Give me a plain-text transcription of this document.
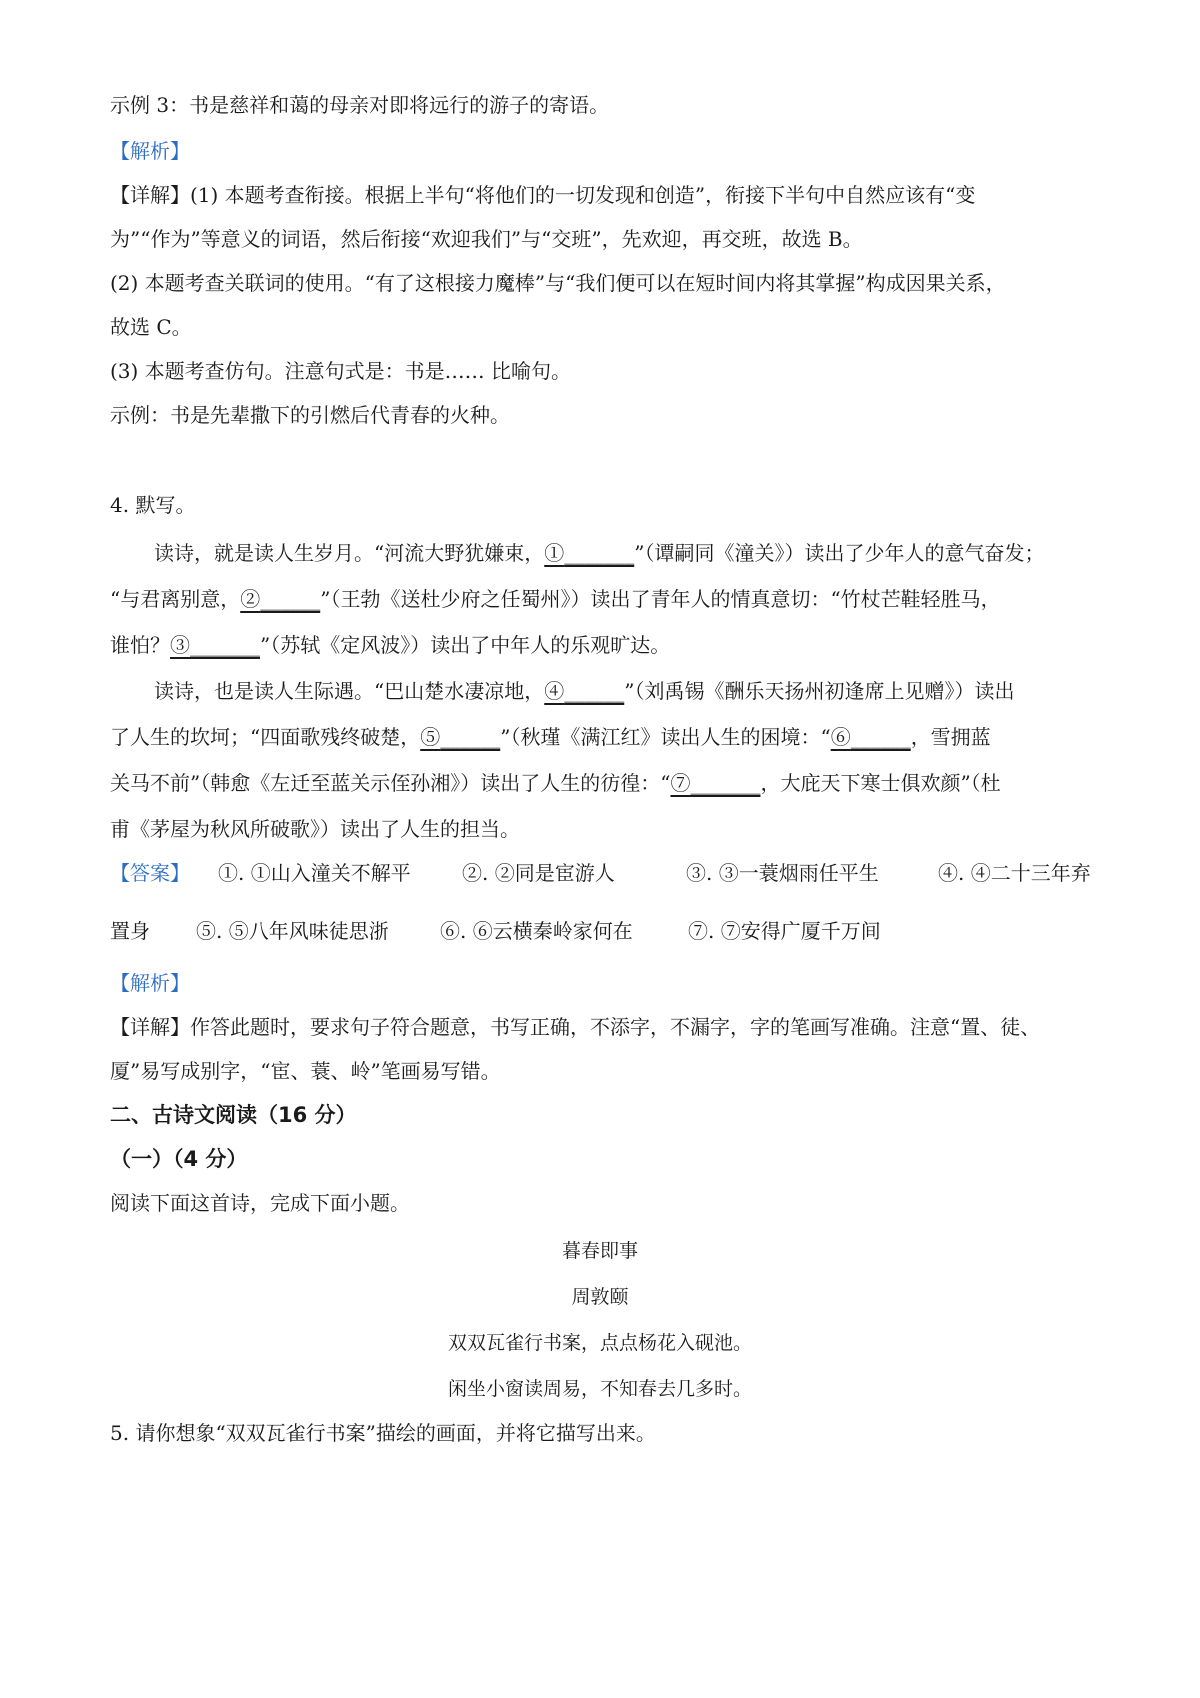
示例 3：书是慈祥和蔼的母亲对即将远行的游子的寄语。

【解析】

【详解】(1) 本题考查衔接。根据上半句“将他们的一切发现和创造”，衔接下半句中自然应该有“变

为”“作为”等意义的词语，然后衔接“欢迎我们”与“交班”，先欢迎，再交班，故选 B。

(2) 本题考查关联词的使用。“有了这根接力魔棒”与“我们便可以在短时间内将其掌握”构成因果关系，

故选 C。

(3) 本题考查仿句。注意句式是：书是…… 比喻句。

示例：书是先辈撒下的引燃后代青春的火种。

4. 默写。

读诗，就是读人生岁月。“河流大野犹嫌束，①_______”（谭嗣同《潼关》）读出了少年人的意气奋发；

“与君离别意，②______”（王勃《送杜少府之任蜀州》）读出了青年人的情真意切：“竹杖芒鞋轻胜马，

谁怕？③_______”（苏轼《定风波》）读出了中年人的乐观旷达。

读诗，也是读人生际遇。“巴山楚水凄凉地，④______”（刘禹锡《酬乐天扬州初逢席上见赠》）读出

了人生的坎坷；“四面歌残终破楚，⑤______”（秋瑾《满江红》读出人生的困境：“⑥______，雪拥蓝

关马不前”（韩愈《左迁至蓝关示侄孙湘》）读出了人生的彷徨：“⑦_______，大庇天下寒士俱欢颜”（杜

甫《茅屋为秋风所破歌》）读出了人生的担当。

【答案】 ①. ①山入潼关不解平	②. ②同是宦游人	③. ③一蓑烟雨任平生	④. ④二十三年弃
置身 ⑤. ⑤八年风味徒思浙	⑥. ⑥云横秦岭家何在	⑦. ⑦安得广厦千万间

【解析】

【详解】作答此题时，要求句子符合题意，书写正确，不添字，不漏字，字的笔画写准确。注意“置、徒、

厦”易写成别字，“宦、蓑、岭”笔画易写错。

二、古诗文阅读（16 分）

（一）（4 分）

阅读下面这首诗，完成下面小题。

暮春即事

周敦颐

双双瓦雀行书案，点点杨花入砚池。

闲坐小窗读周易，不知春去几多时。

5. 请你想象“双双瓦雀行书案”描绘的画面，并将它描写出来。
